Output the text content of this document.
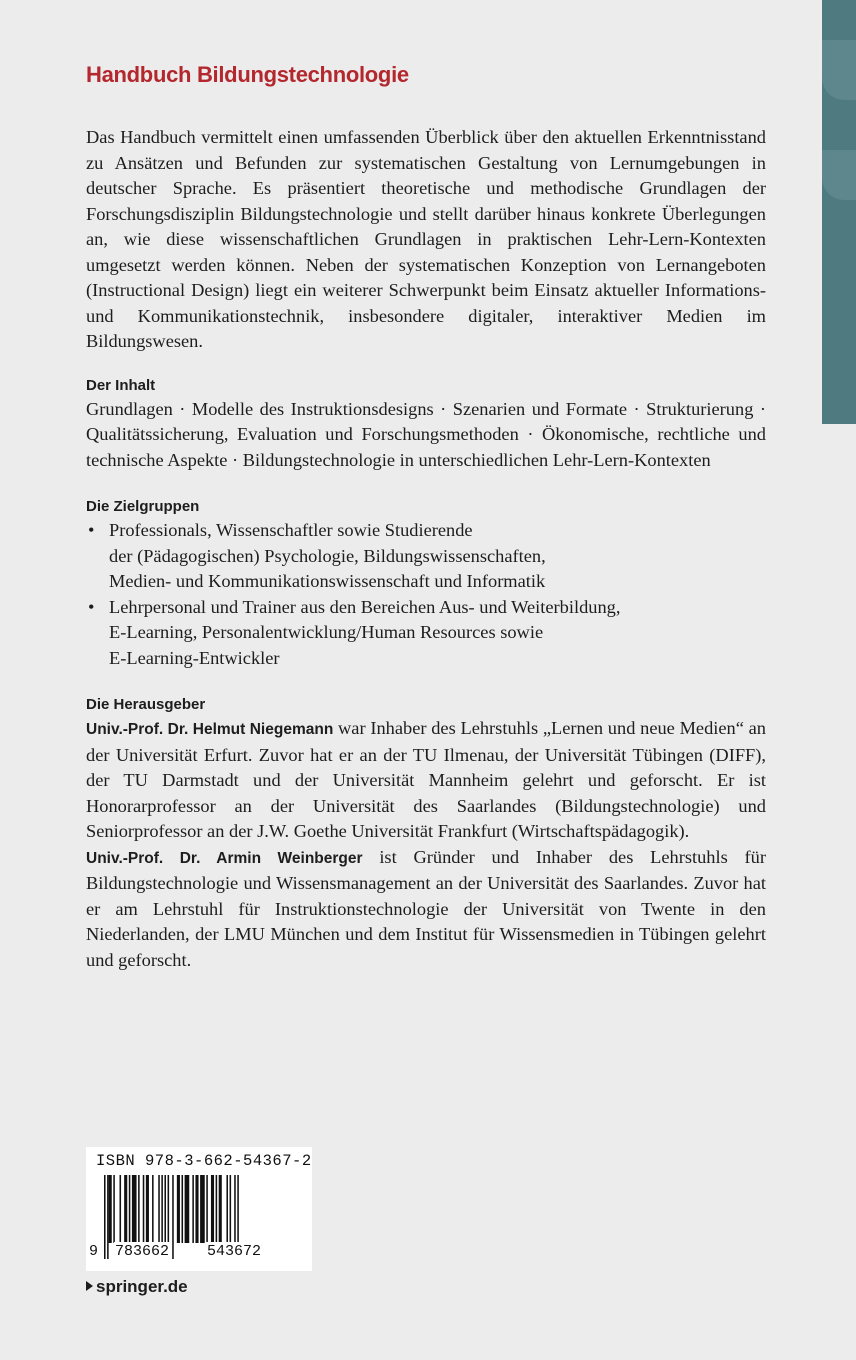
Handbuch Bildungstechnologie

Das Handbuch vermittelt einen umfassenden Überblick über den aktuellen Erkenntnisstand zu Ansätzen und Befunden zur systematischen Gestaltung von Lernumgebungen in deutscher Sprache. Es präsentiert theoretische und methodische Grundlagen der Forschungsdisziplin Bildungstechnologie und stellt darüber hinaus konkrete Überlegungen an, wie diese wissenschaftlichen Grundlagen in praktischen Lehr-Lern-Kontexten umgesetzt werden können. Neben der systematischen Konzeption von Lernangeboten (Instructional Design) liegt ein weiterer Schwerpunkt beim Einsatz aktueller Informations- und Kommunikationstechnik, insbesondere digitaler, interaktiver Medien im Bildungswesen.

Der Inhalt

Grundlagen · Modelle des Instruktionsdesigns · Szenarien und Formate · Strukturierung · Qualitätssicherung, Evaluation und Forschungsmethoden · Ökonomische, rechtliche und technische Aspekte · Bildungstechnologie in unterschiedlichen Lehr-Lern-Kontexten

Die Zielgruppen
• Professionals, Wissenschaftler sowie Studierende
der (Pädagogischen) Psychologie, Bildungswissenschaften,
Medien- und Kommunikationswissenschaft und Informatik
• Lehrpersonal und Trainer aus den Bereichen Aus- und Weiterbildung,
E-Learning, Personalentwicklung/Human Resources sowie
E-Learning-Entwickler
Die Herausgeber

Univ.-Prof. Dr. Helmut Niegemann war Inhaber des Lehrstuhls „Lernen und neue Medien“ an der Universität Erfurt. Zuvor hat er an der TU Ilmenau, der Universität Tübingen (DIFF), der TU Darmstadt und der Universität Mannheim gelehrt und geforscht. Er ist Honorarprofessor an der Universität des Saarlandes (Bildungstechnologie) und Seniorprofessor an der J.W. Goethe Universität Frankfurt (Wirtschaftspädagogik).

Univ.-Prof. Dr. Armin Weinberger ist Gründer und Inhaber des Lehrstuhls für Bildungstechnologie und Wissensmanagement an der Universität des Saarlandes. Zuvor hat er am Lehrstuhl für Instruktionstechnologie der Universität von Twente in den Niederlanden, der LMU München und dem Institut für Wissensmedien in Tübingen gelehrt und geforscht.

ISBN 978-3-662-54367-2
9 783662	543672
springer.de
